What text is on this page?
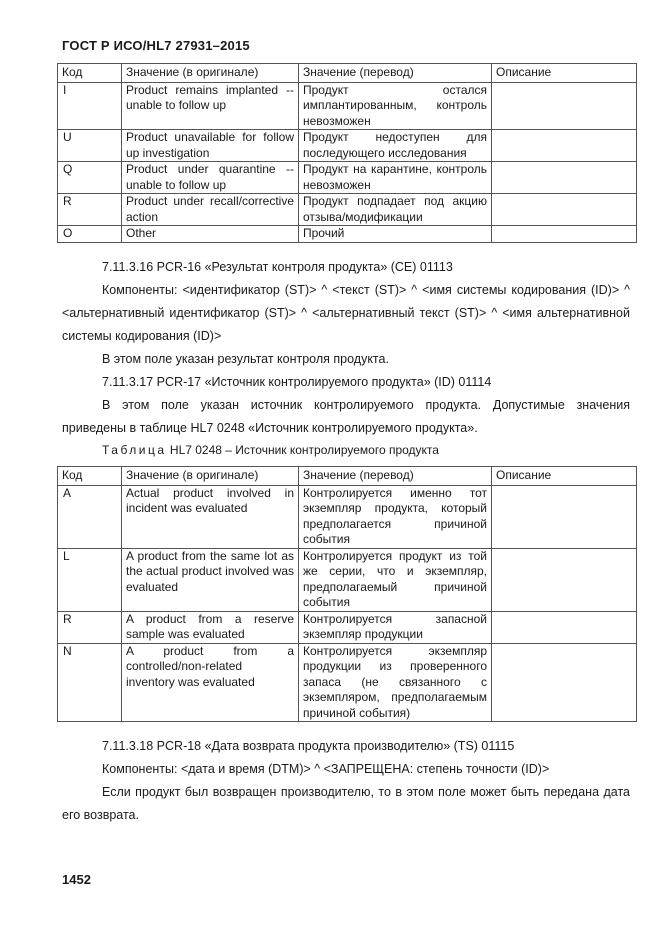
ГОСТ Р ИСО/HL7 27931–2015
Код	Значение (в оригинале)	Значение (перевод)	Описание
I	Product remains implanted -- unable to follow up	Продукт остался имплантированным, контроль невозможен	
U	Product unavailable for follow up investigation	Продукт недоступен для последующего исследования	
Q	Product under quarantine -- unable to follow up	Продукт на карантине, контроль невозможен	
R	Product under recall/corrective action	Продукт подпадает под акцию отзыва/модификации	
O	Other	Прочий	
7.11.3.16 PCR-16 «Результат контроля продукта» (CE) 01113
Компоненты: <идентификатор (ST)> ^ <текст (ST)> ^ <имя системы кодирования (ID)> ^ <альтернативный идентификатор (ST)> ^ <альтернативный текст (ST)> ^ <имя альтернативной системы кодирования (ID)>
В этом поле указан результат контроля продукта.
7.11.3.17 PCR-17 «Источник контролируемого продукта» (ID) 01114
В этом поле указан источник контролируемого продукта. Допустимые значения приведены в таблице HL7 0248 «Источник контролируемого продукта».
Таблица HL7 0248 – Источник контролируемого продукта
Код	Значение (в оригинале)	Значение (перевод)	Описание
A	Actual product involved in incident was evaluated	Контролируется именно тот экземпляр продукта, который предполагается причиной события	
L	A product from the same lot as the actual product involved was evaluated	Контролируется продукт из той же серии, что и экземпляр, предполагаемый причиной события	
R	A product from a reserve sample was evaluated	Контролируется запасной экземпляр продукции	
N	A product from a controlled/non-related inventory was evaluated	Контролируется экземпляр продукции из проверенного запаса (не связанного с экземпляром, предполагаемым причиной события)	
7.11.3.18 PCR-18 «Дата возврата продукта производителю» (TS) 01115
Компоненты: <дата и время (DTM)> ^ <ЗАПРЕЩЕНА: степень точности (ID)>
Если продукт был возвращен производителю, то в этом поле может быть передана дата его возврата.
1452
